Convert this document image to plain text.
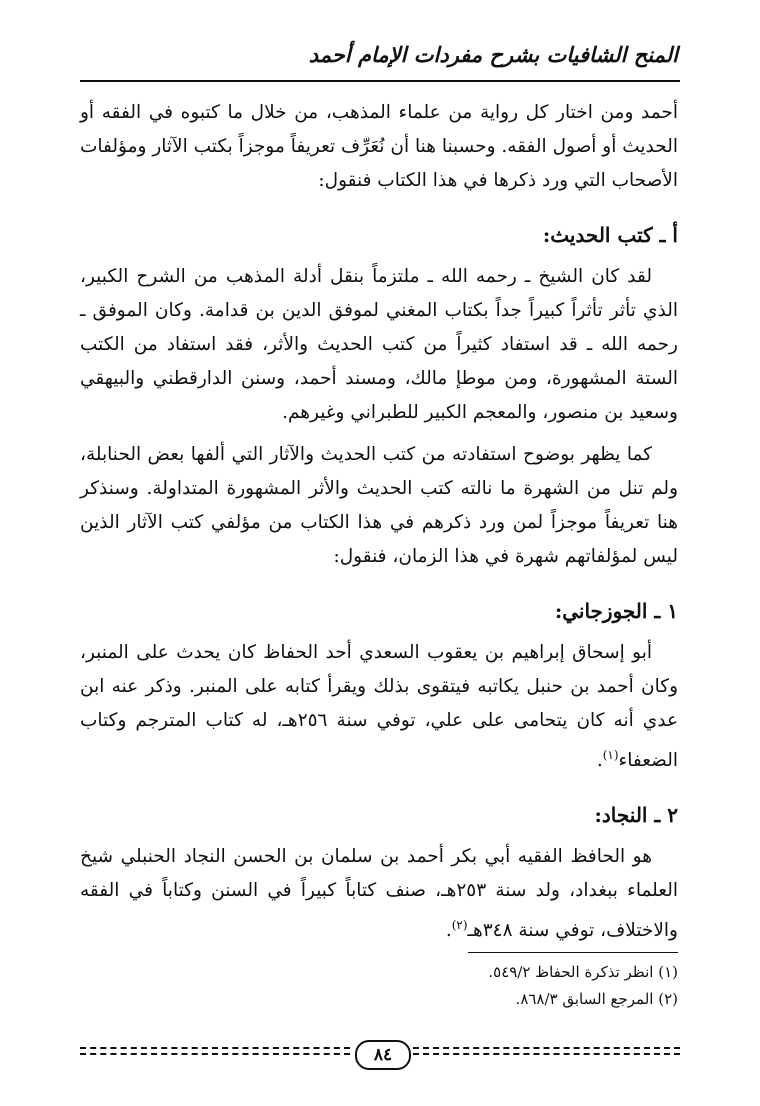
المنح الشافيات بشرح مفردات الإمام أحمد

أحمد ومن اختار كل رواية من علماء المذهب، من خلال ما كتبوه في الفقه أو الحديث أو أصول الفقه. وحسبنا هنا أن نُعَرِّف تعريفاً موجزاً بكتب الآثار ومؤلفات الأصحاب التي ورد ذكرها في هذا الكتاب فنقول:

أ ـ كتب الحديث:

لقد كان الشيخ ـ رحمه الله ـ ملتزماً بنقل أدلة المذهب من الشرح الكبير، الذي تأثر تأثراً كبيراً جداً بكتاب المغني لموفق الدين بن قدامة. وكان الموفق ـ رحمه الله ـ قد استفاد كثيراً من كتب الحديث والأثر، فقد استفاد من الكتب الستة المشهورة، ومن موطإ مالك، ومسند أحمد، وسنن الدارقطني والبيهقي وسعيد بن منصور، والمعجم الكبير للطبراني وغيرهم.

كما يظهر بوضوح استفادته من كتب الحديث والآثار التي ألفها بعض الحنابلة، ولم تنل من الشهرة ما نالته كتب الحديث والأثر المشهورة المتداولة. وسنذكر هنا تعريفاً موجزاً لمن ورد ذكرهم في هذا الكتاب من مؤلفي كتب الآثار الذين ليس لمؤلفاتهم شهرة في هذا الزمان، فنقول:

١ ـ الجوزجاني:

أبو إسحاق إبراهيم بن يعقوب السعدي أحد الحفاظ كان يحدث على المنبر، وكان أحمد بن حنبل يكاتبه فيتقوى بذلك ويقرأ كتابه على المنبر. وذكر عنه ابن عدي أنه كان يتحامى على علي، توفي سنة ٢٥٦هـ، له كتاب المترجم وكتاب الضعفاء$^{(١)}$.

٢ ـ النجاد:

هو الحافظ الفقيه أبي بكر أحمد بن سلمان بن الحسن النجاد الحنبلي شيخ العلماء ببغداد، ولد سنة ٢٥٣هـ، صنف كتاباً كبيراً في السنن وكتاباً في الفقه والاختلاف، توفي سنة ٣٤٨هـ$^{(٢)}$.

(١) انظر تذكرة الحفاظ ٥٤٩/٢.
(٢) المرجع السابق ٨٦٨/٣.
٨٤
